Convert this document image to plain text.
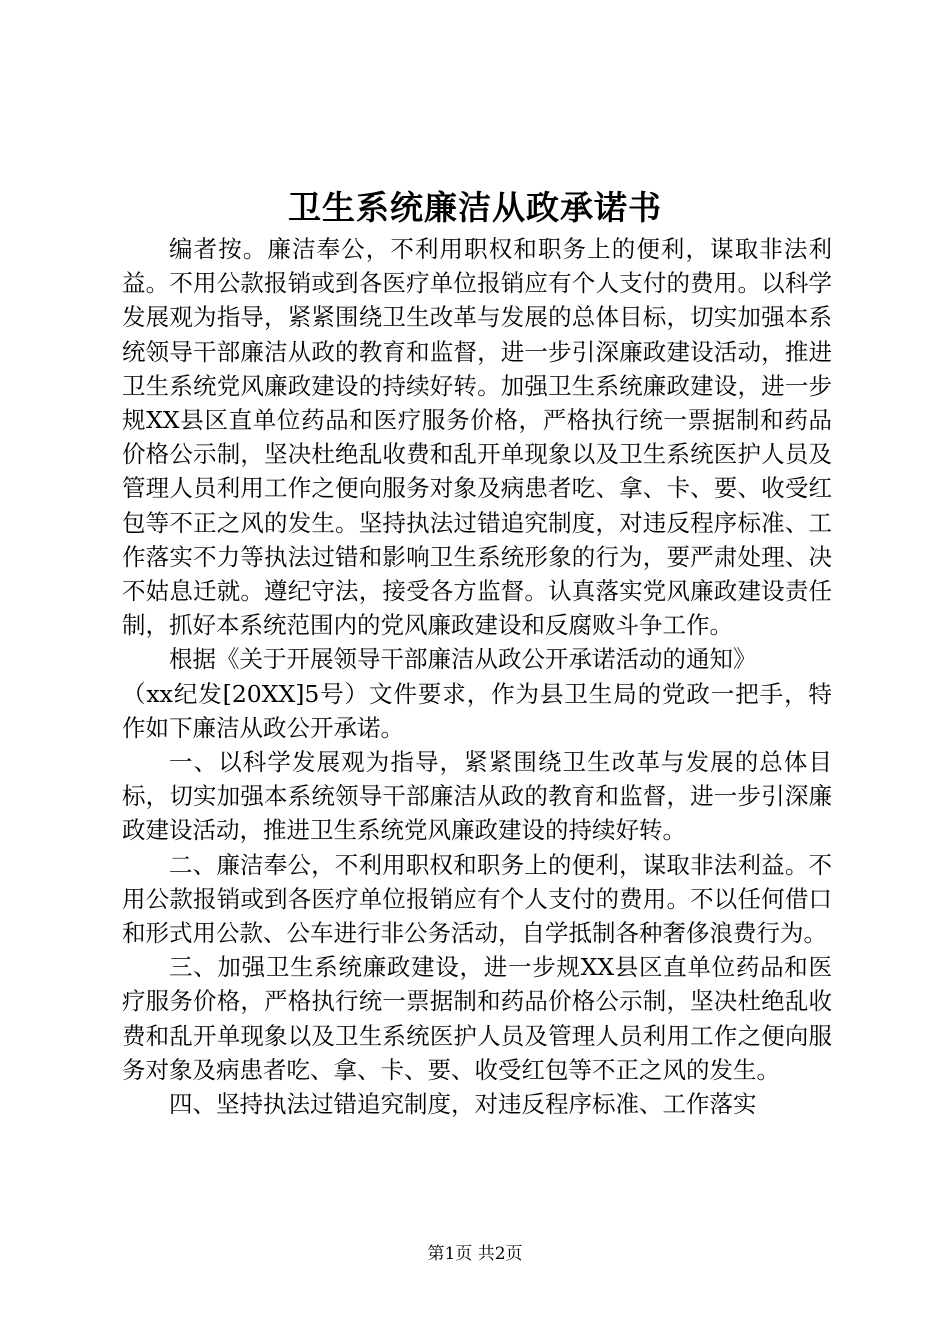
卫生系统廉洁从政承诺书

编者按。廉洁奉公，不利用职权和职务上的便利，谋取非法利益。不用公款报销或到各医疗单位报销应有个人支付的费用。以科学发展观为指导，紧紧围绕卫生改革与发展的总体目标，切实加强本系统领导干部廉洁从政的教育和监督，进一步引深廉政建设活动，推进卫生系统党风廉政建设的持续好转。加强卫生系统廉政建设，进一步规XX县区直单位药品和医疗服务价格，严格执行统一票据制和药品价格公示制，坚决杜绝乱收费和乱开单现象以及卫生系统医护人员及管理人员利用工作之便向服务对象及病患者吃、拿、卡、要、收受红包等不正之风的发生。坚持执法过错追究制度，对违反程序标准、工作落实不力等执法过错和影响卫生系统形象的行为，要严肃处理、决不姑息迁就。遵纪守法，接受各方监督。认真落实党风廉政建设责任制，抓好本系统范围内的党风廉政建设和反腐败斗争工作。

根据《关于开展领导干部廉洁从政公开承诺活动的通知》

（xx纪发[20XX]5号）文件要求，作为县卫生局的党政一把手，特作如下廉洁从政公开承诺。

一、以科学发展观为指导，紧紧围绕卫生改革与发展的总体目标，切实加强本系统领导干部廉洁从政的教育和监督，进一步引深廉政建设活动，推进卫生系统党风廉政建设的持续好转。

二、廉洁奉公，不利用职权和职务上的便利，谋取非法利益。不用公款报销或到各医疗单位报销应有个人支付的费用。不以任何借口和形式用公款、公车进行非公务活动，自学抵制各种奢侈浪费行为。

三、加强卫生系统廉政建设，进一步规XX县区直单位药品和医疗服务价格，严格执行统一票据制和药品价格公示制，坚决杜绝乱收费和乱开单现象以及卫生系统医护人员及管理人员利用工作之便向服务对象及病患者吃、拿、卡、要、收受红包等不正之风的发生。

四、坚持执法过错追究制度，对违反程序标准、工作落实

第1页 共2页
